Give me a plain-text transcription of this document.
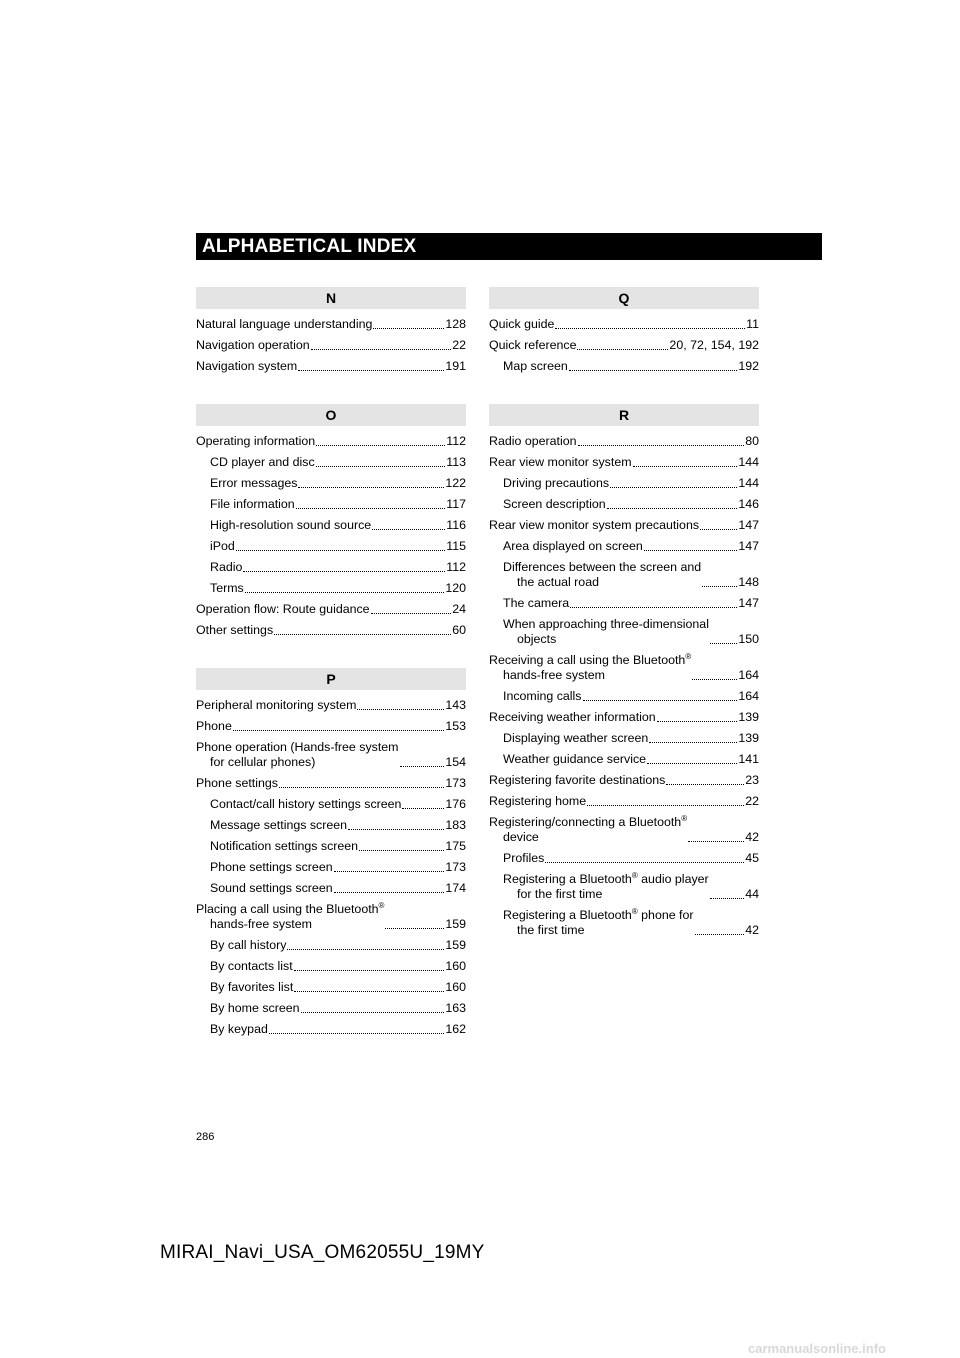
ALPHABETICAL INDEX
N
Natural language understanding	128
Navigation operation	22
Navigation system	191
O
Operating information	112
CD player and disc	113
Error messages	122
File information	117
High-resolution sound source	116
iPod	115
Radio	112
Terms	120
Operation flow: Route guidance	24
Other settings	60
P
Peripheral monitoring system	143
Phone	153
Phone operation (Hands-free system
for cellular phones)	154
Phone settings	173
Contact/call history settings screen	176
Message settings screen	183
Notification settings screen	175
Phone settings screen	173
Sound settings screen	174
Placing a call using the Bluetooth®
hands-free system	159
By call history	159
By contacts list	160
By favorites list	160
By home screen	163
By keypad	162
Q
Quick guide	11
Quick reference	20, 72, 154, 192
Map screen	192
R
Radio operation	80
Rear view monitor system	144
Driving precautions	144
Screen description	146
Rear view monitor system precautions	147
Area displayed on screen	147
Differences between the screen and
the actual road	148
The camera	147
When approaching three-dimensional
objects	150
Receiving a call using the Bluetooth®
hands-free system	164
Incoming calls	164
Receiving weather information	139
Displaying weather screen	139
Weather guidance service	141
Registering favorite destinations	23
Registering home	22
Registering/connecting a Bluetooth®
device	42
Profiles	45
Registering a Bluetooth® audio player
for the first time	44
Registering a Bluetooth® phone for
the first time	42
286
MIRAI_Navi_USA_OM62055U_19MY
carmanualsonline.info
